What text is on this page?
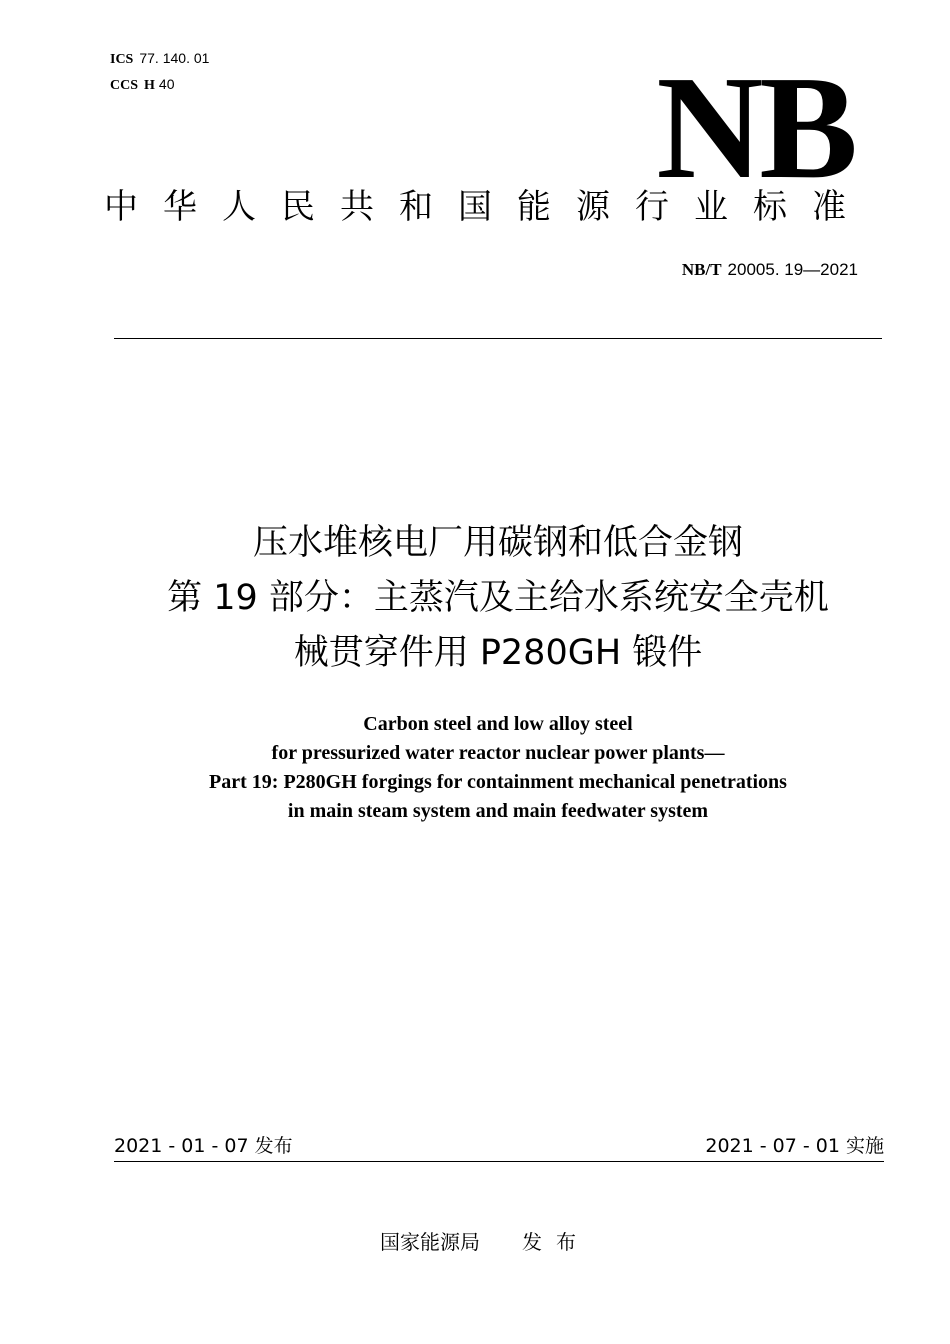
ICS 77. 140. 01
CCS H 40	NB
中华人民共和国能源行业标准
NB/T 20005. 19—2021
压水堆核电厂用碳钢和低合金钢
第 19 部分：主蒸汽及主给水系统安全壳机
械贯穿件用 P280GH 锻件
Carbon steel and low alloy steel
for pressurized water reactor nuclear power plants—
Part 19: P280GH forgings for containment mechanical penetrations
in main steam system and main feedwater system
2021 - 01 - 07 发布	2021 - 07 - 01 实施
国家能源局 发布
